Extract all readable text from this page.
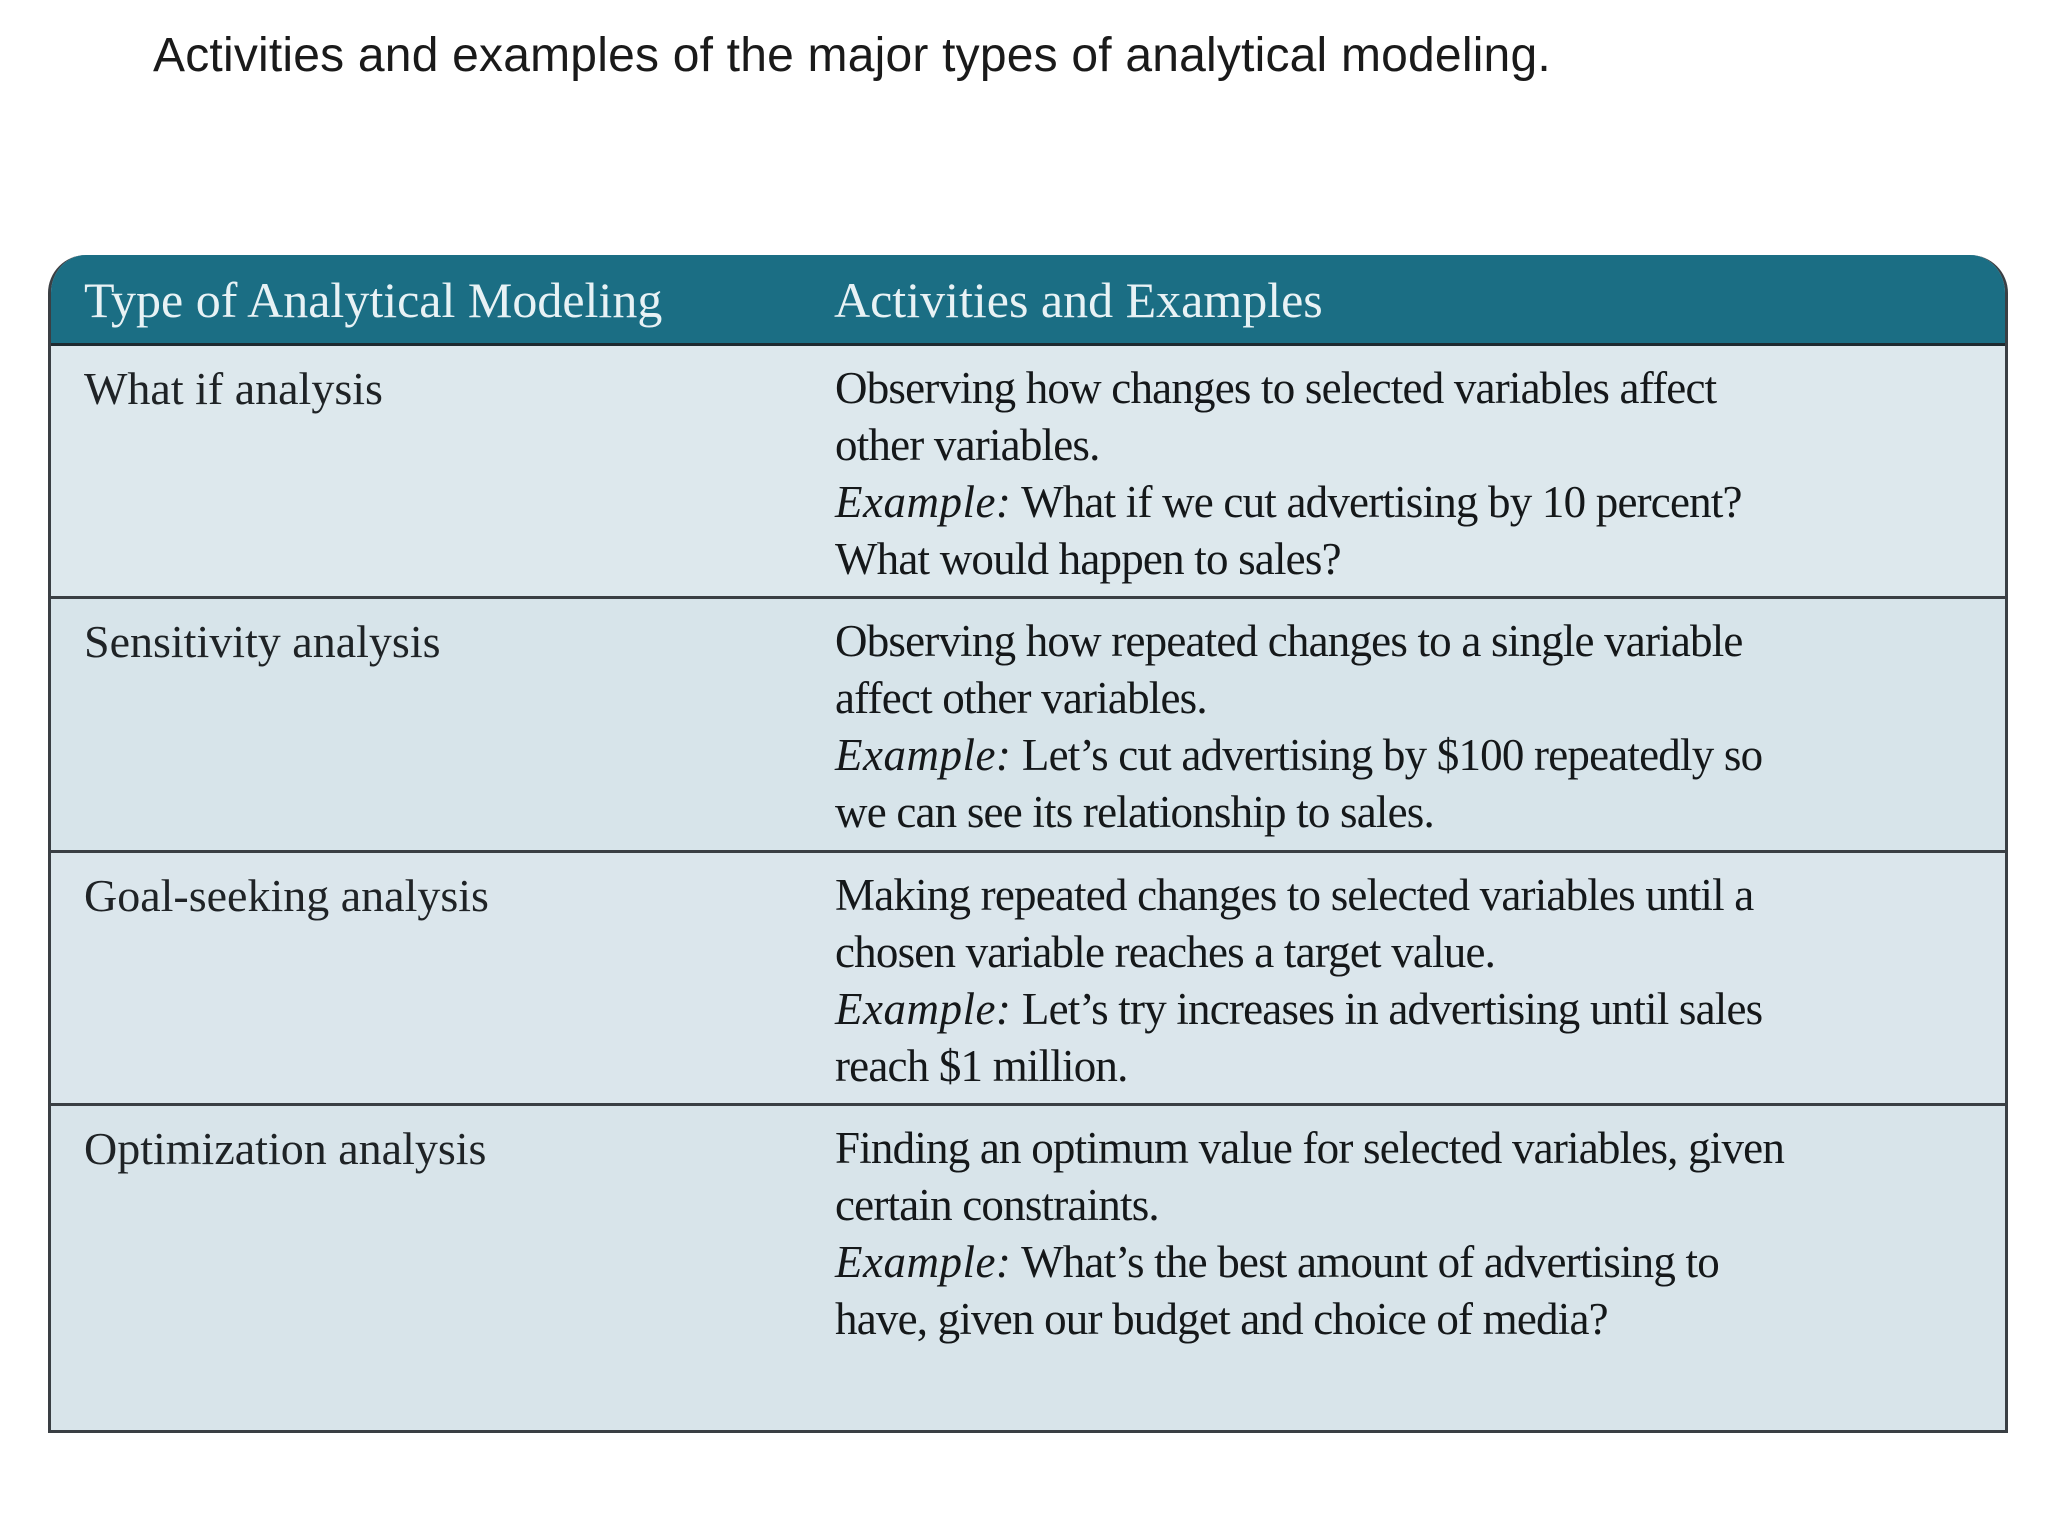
Activities and examples of the major types of analytical modeling.
Type of Analytical Modeling	Activities and Examples
What if analysis	Observing how changes to selected variables affect
other variables.
Example: What if we cut advertising by 10 percent?
What would happen to sales?
Sensitivity analysis	Observing how repeated changes to a single variable
affect other variables.
Example: Let’s cut advertising by $100 repeatedly so
we can see its relationship to sales.
Goal-seeking analysis	Making repeated changes to selected variables until a
chosen variable reaches a target value.
Example: Let’s try increases in advertising until sales
reach $1 million.
Optimization analysis	Finding an optimum value for selected variables, given
certain constraints.
Example: What’s the best amount of advertising to
have, given our budget and choice of media?
